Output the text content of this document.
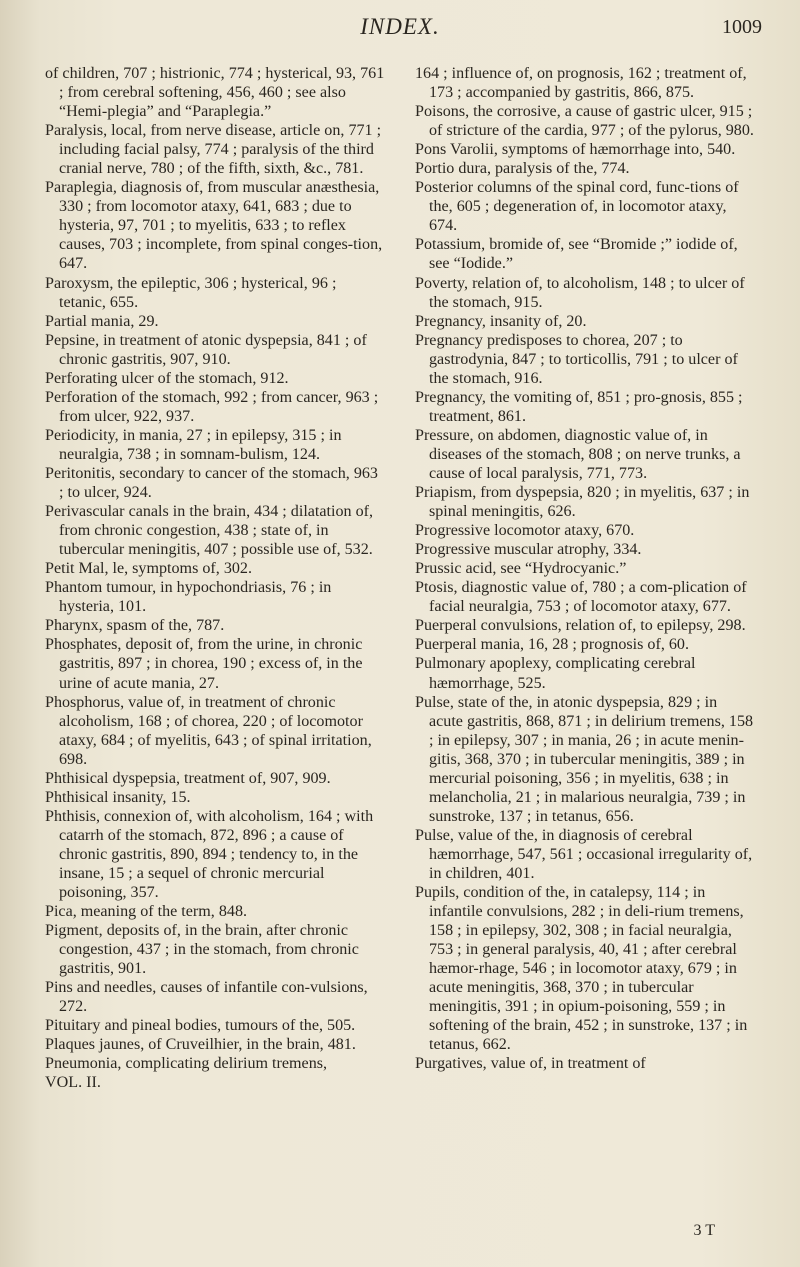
INDEX.	1009

of children, 707 ; histrionic, 774 ; hysterical, 93, 761 ; from cerebral softening, 456, 460 ; see also “Hemi-plegia” and “Paraplegia.”

Paralysis, local, from nerve disease, article on, 771 ; including facial palsy, 774 ; paralysis of the third cranial nerve, 780 ; of the fifth, sixth, &c., 781.

Paraplegia, diagnosis of, from muscular anæsthesia, 330 ; from locomotor ataxy, 641, 683 ; due to hysteria, 97, 701 ; to myelitis, 633 ; to reflex causes, 703 ; incomplete, from spinal conges-tion, 647.

Paroxysm, the epileptic, 306 ; hysterical, 96 ; tetanic, 655.

Partial mania, 29.

Pepsine, in treatment of atonic dyspepsia, 841 ; of chronic gastritis, 907, 910.

Perforating ulcer of the stomach, 912.

Perforation of the stomach, 992 ; from cancer, 963 ; from ulcer, 922, 937.

Periodicity, in mania, 27 ; in epilepsy, 315 ; in neuralgia, 738 ; in somnam-bulism, 124.

Peritonitis, secondary to cancer of the stomach, 963 ; to ulcer, 924.

Perivascular canals in the brain, 434 ; dilatation of, from chronic congestion, 438 ; state of, in tubercular meningitis, 407 ; possible use of, 532.

Petit Mal, le, symptoms of, 302.

Phantom tumour, in hypochondriasis, 76 ; in hysteria, 101.

Pharynx, spasm of the, 787.

Phosphates, deposit of, from the urine, in chronic gastritis, 897 ; in chorea, 190 ; excess of, in the urine of acute mania, 27.

Phosphorus, value of, in treatment of chronic alcoholism, 168 ; of chorea, 220 ; of locomotor ataxy, 684 ; of myelitis, 643 ; of spinal irritation, 698.

Phthisical dyspepsia, treatment of, 907, 909.

Phthisical insanity, 15.

Phthisis, connexion of, with alcoholism, 164 ; with catarrh of the stomach, 872, 896 ; a cause of chronic gastritis, 890, 894 ; tendency to, in the insane, 15 ; a sequel of chronic mercurial poisoning, 357.

Pica, meaning of the term, 848.

Pigment, deposits of, in the brain, after chronic congestion, 437 ; in the stomach, from chronic gastritis, 901.

Pins and needles, causes of infantile con-vulsions, 272.

Pituitary and pineal bodies, tumours of the, 505.

Plaques jaunes, of Cruveilhier, in the brain, 481.

Pneumonia, complicating delirium tremens,

VOL. II.

164 ; influence of, on prognosis, 162 ; treatment of, 173 ; accompanied by gastritis, 866, 875.

Poisons, the corrosive, a cause of gastric ulcer, 915 ; of stricture of the cardia, 977 ; of the pylorus, 980.

Pons Varolii, symptoms of hæmorrhage into, 540.

Portio dura, paralysis of the, 774.

Posterior columns of the spinal cord, func-tions of the, 605 ; degeneration of, in locomotor ataxy, 674.

Potassium, bromide of, see “Bromide ;” iodide of, see “Iodide.”

Poverty, relation of, to alcoholism, 148 ; to ulcer of the stomach, 915.

Pregnancy, insanity of, 20.

Pregnancy predisposes to chorea, 207 ; to gastrodynia, 847 ; to torticollis, 791 ; to ulcer of the stomach, 916.

Pregnancy, the vomiting of, 851 ; pro-gnosis, 855 ; treatment, 861.

Pressure, on abdomen, diagnostic value of, in diseases of the stomach, 808 ; on nerve trunks, a cause of local paralysis, 771, 773.

Priapism, from dyspepsia, 820 ; in myelitis, 637 ; in spinal meningitis, 626.

Progressive locomotor ataxy, 670.

Progressive muscular atrophy, 334.

Prussic acid, see “Hydrocyanic.”

Ptosis, diagnostic value of, 780 ; a com-plication of facial neuralgia, 753 ; of locomotor ataxy, 677.

Puerperal convulsions, relation of, to epilepsy, 298.

Puerperal mania, 16, 28 ; prognosis of, 60.

Pulmonary apoplexy, complicating cerebral hæmorrhage, 525.

Pulse, state of the, in atonic dyspepsia, 829 ; in acute gastritis, 868, 871 ; in delirium tremens, 158 ; in epilepsy, 307 ; in mania, 26 ; in acute menin-gitis, 368, 370 ; in tubercular meningitis, 389 ; in mercurial poisoning, 356 ; in myelitis, 638 ; in melancholia, 21 ; in malarious neuralgia, 739 ; in sunstroke, 137 ; in tetanus, 656.

Pulse, value of the, in diagnosis of cerebral hæmorrhage, 547, 561 ; occasional irregularity of, in children, 401.

Pupils, condition of the, in catalepsy, 114 ; in infantile convulsions, 282 ; in deli-rium tremens, 158 ; in epilepsy, 302, 308 ; in facial neuralgia, 753 ; in general paralysis, 40, 41 ; after cerebral hæmor-rhage, 546 ; in locomotor ataxy, 679 ; in acute meningitis, 368, 370 ; in tubercular meningitis, 391 ; in opium-poisoning, 559 ; in softening of the brain, 452 ; in sunstroke, 137 ; in tetanus, 662.

Purgatives, value of, in treatment of

3 T
